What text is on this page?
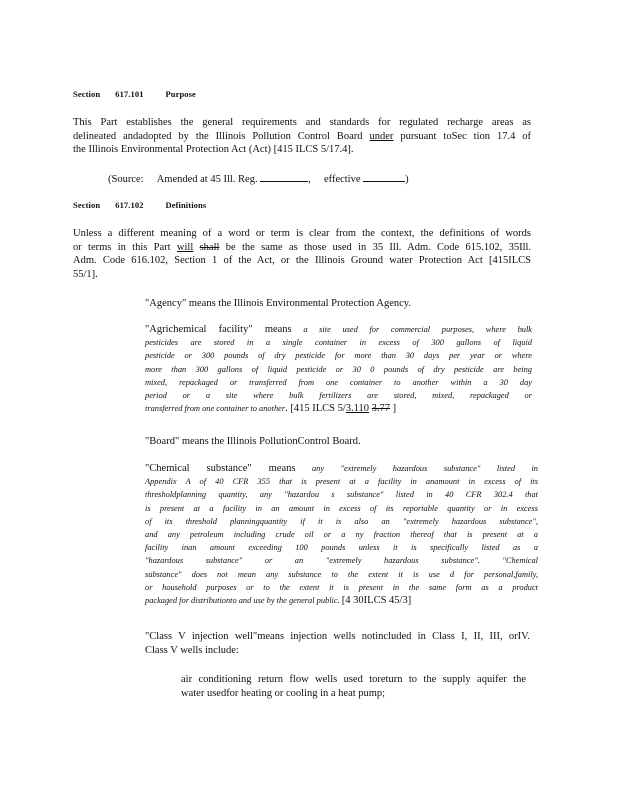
Section 617.101	Purpose
This Part establishes the general requirements and standards for regulated recharge areas as
delineated andadopted by the Illinois Pollution Control Board under pursuant toSec tion 17.4 of
the Illinois Environmental Protection Act (Act) [415 ILCS 5/17.4].
(Source: Amended at 45 Ill. Reg.	,     effective	)
Section 617.102	Definitions
Unless a different meaning of a word or term is clear from the context, the definitions of words
or terms in this Part will shall be the same as those used in 35 Ill. Adm. Code 615.102, 35Ill.
Adm. Code 616.102, Section 1 of the Act, or the Illinois Ground water Protection Act [415ILCS
55/1].
"Agency" means the Illinois Environmental Protection Agency.
"Agrichemical facility" means a site used for commercial purposes, where bulk
pesticides are stored in a single container in excess of 300 gallons of liquid
pesticide or 300 pounds of dry pesticide for more than 30 days per year or where
more than 300 gallons of liquid pesticide or 30 0 pounds of dry pesticide are being
mixed, repackaged or transferred from one container to another within a 30 day
period or a site where bulk fertilizers are stored, mixed, repackaged or
transferred from one container to another. [415 ILCS 5/3.110 3.77 ]
"Board" means the Illinois PollutionControl Board.
"Chemical substance" means any "extremely hazardous substance" listed in
Appendix A of 40 CFR 355 that is present at a facility in anamount in excess of its
thresholdplanning quantity, any "hazardou s substance" listed in 40 CFR 302.4 that
is present at a facility in an amount in excess of its reportable quantity or in excess
of its threshold planningquantity if it is also an "extremely hazardous substance",
and any petroleum including crude oil or a ny fraction thereof that is present at a
facility inan amount exceeding 100 pounds unless it is specifically listed as a
"hazardous substance" or an "extremely hazardous substance". "Chemical
substance" does not mean any substance to the extent it is use d for personal,family,
or household purposes or to the extent it is present in the same form as a product
packaged for distributionto and use by the general public. [4 30ILCS 45/3]
"Class V injection well"means injection wells notincluded in Class I, II, III, orIV.
Class V wells include:
air conditioning return flow wells used toreturn to the supply aquifer the
water usedfor heating or cooling in a heat pump;
